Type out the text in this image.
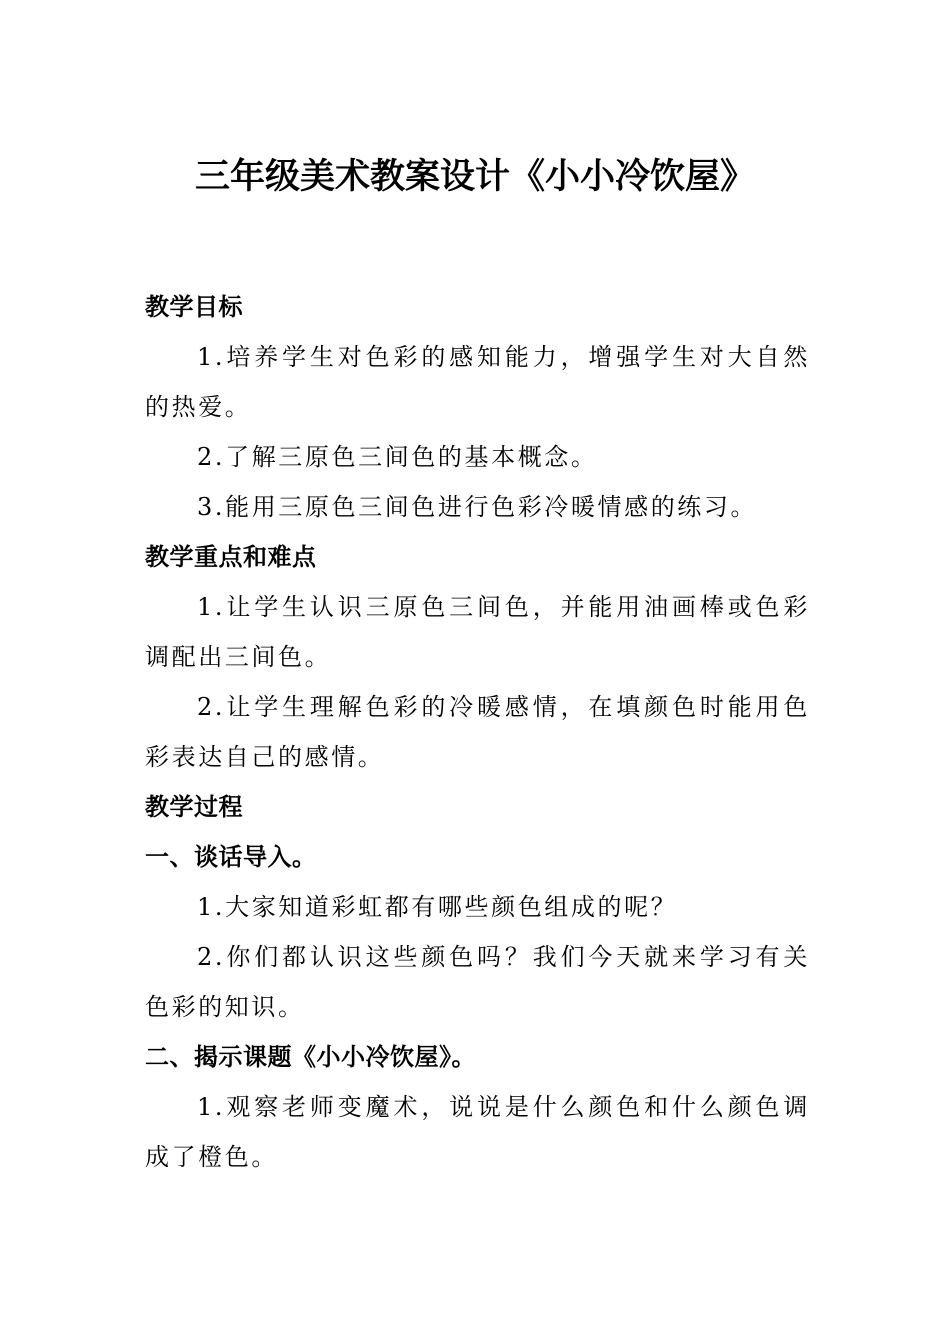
三年级美术教案设计《小小冷饮屋》

教学目标

1.培养学生对色彩的感知能力，增强学生对大自然的热爱。

2.了解三原色三间色的基本概念。

3.能用三原色三间色进行色彩冷暖情感的练习。

教学重点和难点

1.让学生认识三原色三间色，并能用油画棒或色彩调配出三间色。

2.让学生理解色彩的冷暖感情，在填颜色时能用色彩表达自己的感情。

教学过程

一、谈话导入。

1.大家知道彩虹都有哪些颜色组成的呢？

2.你们都认识这些颜色吗？我们今天就来学习有关色彩的知识。

二、揭示课题《小小冷饮屋》。

1.观察老师变魔术，说说是什么颜色和什么颜色调成了橙色。
